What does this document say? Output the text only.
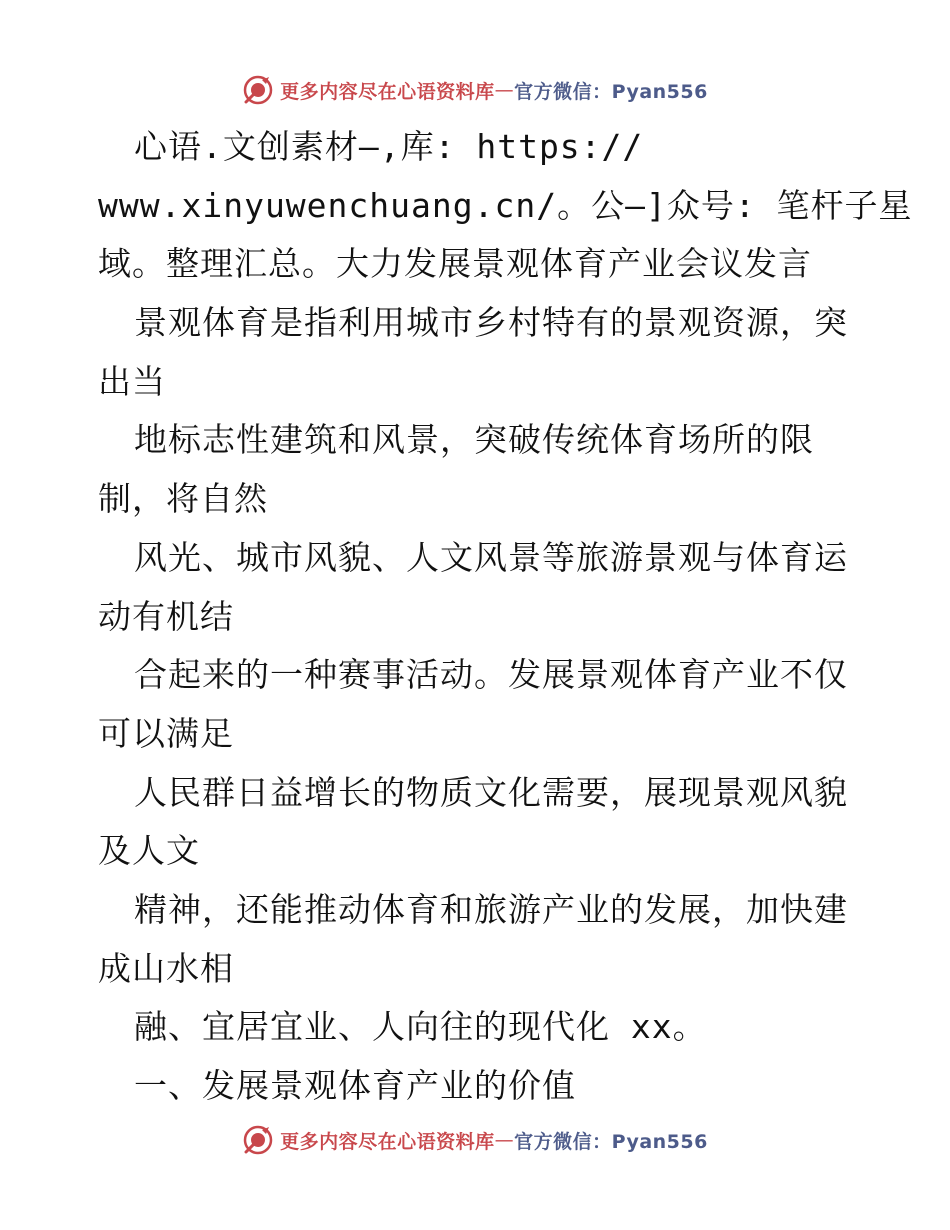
更多内容尽在心语资料库 — 官方微信：Pyan556
心语.文创素材—,库: https://
www.xinyuwenchuang.cn/。公—]众号: 笔杆子星
域。整理汇总。大力发展景观体育产业会议发言
景观体育是指利用城市乡村特有的景观资源，突
出当
地标志性建筑和风景，突破传统体育场所的限
制，将自然
风光、城市风貌、人文风景等旅游景观与体育运
动有机结
合起来的一种赛事活动。发展景观体育产业不仅
可以满足
人民群日益增长的物质文化需要，展现景观风貌
及人文
精神，还能推动体育和旅游产业的发展，加快建
成山水相
融、宜居宜业、人向往的现代化 xx。
一、发展景观体育产业的价值
更多内容尽在心语资料库 — 官方微信：Pyan556
